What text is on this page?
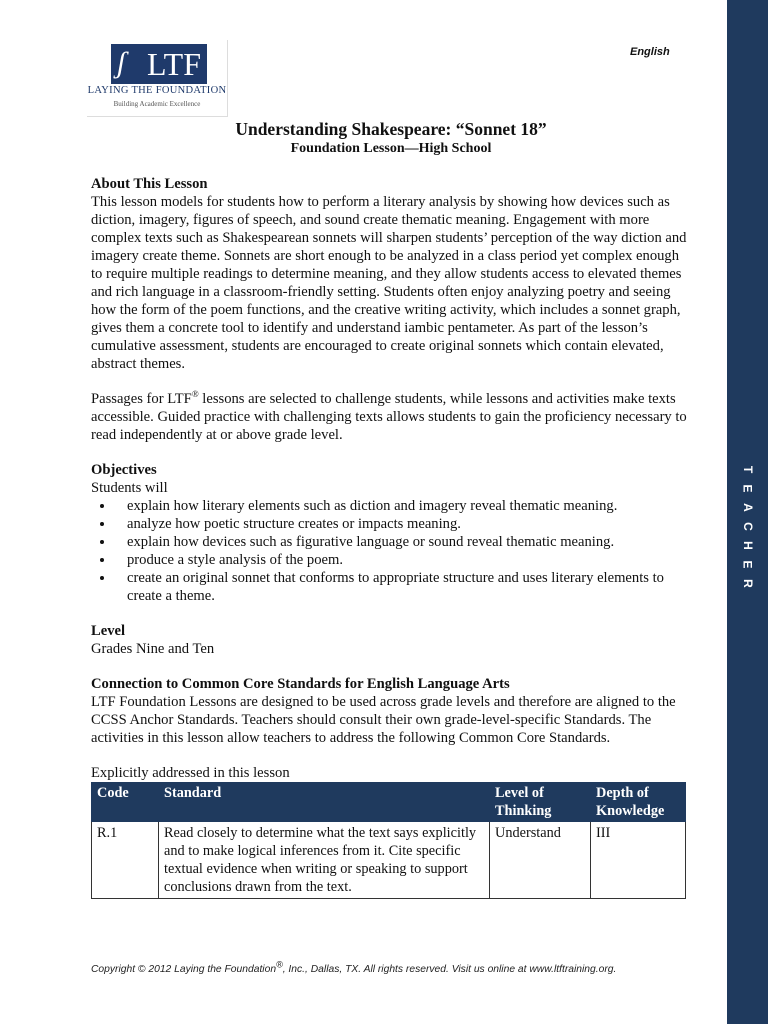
T
E
A
C
H
E
R
LTF
ʃ
LAYING THE FOUNDATION
Building Academic Excellence
English
Understanding Shakespeare: “Sonnet 18”
Foundation Lesson—High School

About This Lesson

This lesson models for students how to perform a literary analysis by showing how devices such as diction, imagery, figures of speech, and sound create thematic meaning. Engagement with more complex texts such as Shakespearean sonnets will sharpen students’ perception of the way diction and imagery create theme. Sonnets are short enough to be analyzed in a class period yet complex enough to require multiple readings to determine meaning, and they allow students access to elevated themes and rich language in a classroom-friendly setting. Students often enjoy analyzing poetry and seeing how the form of the poem functions, and the creative writing activity, which includes a sonnet graph, gives them a concrete tool to identify and understand iambic pentameter. As part of the lesson’s cumulative assessment, students are encouraged to create original sonnets which contain elevated, abstract themes.

Passages for LTF® lessons are selected to challenge students, while lessons and activities make texts accessible. Guided practice with challenging texts allows students to gain the proficiency necessary to read independently at or above grade level.

Objectives

Students will

• explain how literary elements such as diction and imagery reveal thematic meaning.
• analyze how poetic structure creates or impacts meaning.
• explain how devices such as figurative language or sound reveal thematic meaning.
• produce a style analysis of the poem.
• create an original sonnet that conforms to appropriate structure and uses literary elements to create a theme.

Level

Grades Nine and Ten

Connection to Common Core Standards for English Language Arts

LTF Foundation Lessons are designed to be used across grade levels and therefore are aligned to the CCSS Anchor Standards. Teachers should consult their own grade-level-specific Standards. The activities in this lesson allow teachers to address the following Common Core Standards.

Explicitly addressed in this lesson

Code	Standard	Level of Thinking	Depth of Knowledge
R.1	Read closely to determine what the text says explicitly and to make logical inferences from it. Cite specific textual evidence when writing or speaking to support conclusions drawn from the text.	Understand	III
Copyright © 2012 Laying the Foundation®, Inc., Dallas, TX. All rights reserved. Visit us online at www.ltftraining.org.
